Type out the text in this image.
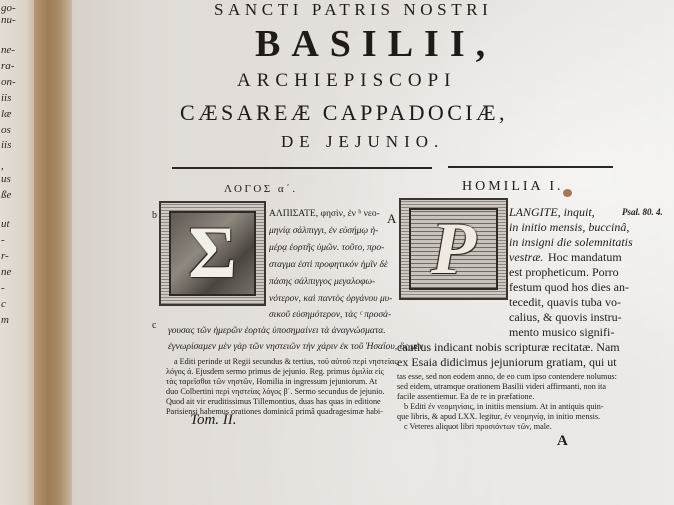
go-
nu-
ne-
ra-
on-
iis
læ
os
iis
,
us
ße
ut
-
r-
ne
-
c
m
SANCTI PATRIS NOSTRI
BASILII,
ARCHIEPISCOPI
CÆSAREÆ CAPPADOCIÆ,
DE JEJUNIO.
ΛΟΓΟΣ α΄.
Σ
b
c
ΑΛΠΙΣΑΤΕ, φησὶν, ἐν ᵇ νεο-
μηνίᾳ σάλπιγγι, ἐν εὐσήμῳ ἡ-
μέρᾳ ἑορτῆς ὑμῶν. τοῦτο, προ-
σταγμα ἐστὶ προφητικόν ἡμῖν δὲ
πάσης σάλπιγγος μεγαλοφω-
νότερον, καὶ παντὸς ὀργάνου μυ-
σικοῦ εὐσημότερον, τὰς ᶜ προσά-
γουσας τῶν ἡμερῶν ἑορτὰς ὑποσημαίνει τὰ ἀναγνώσματα.
ἐγνωρίσαμεν μὲν γὰρ τῶν νηστειῶν τὴν χάριν ἐκ τοῦ Ἡσαΐου, ὃς μὲν
a Editi perinde ut Regii secundus & tertius, τοῦ αὐτοῦ περὶ νηστείας
λόγος ά. Ejusdem sermo primus de jejunio. Reg. primus ὁμιλία εἰς
τὰς ταρεῖσθαι τῶν νηστῶν, Homilia in ingressum jejuniorum. At
duo Colbertini περὶ νηστείας λόγος β΄. Sermo secundus de jejunio.
Quod ait vir eruditissimus Tillemontius, duas has quas in editione
Parisiensi habemus orationes dominicâ primâ quadragesimæ habi-
Tom. II.
HOMILIA I.
A P	LANGITE, inquit,
in initio mensis, buccinâ,
in insigni die solemnitatis
vestræ. Hoc mandatum
est propheticum. Porro
festum quod hos dies an-
tecedit, quavis tuba vo-
calius, & quovis instru-
mento musico signifi-
cantius indicant nobis scripturæ recitatæ. Nam
ex Esaia didicimus jejuniorum gratiam, qui ut
Psal. 80. 4.
tas esse, sed non eodem anno, de eo cum ipso contendere nolumus:
sed eidem, utramque orationem Basilii videri affirmanti, non ita
facile assentiemur. Ea de re in præfatione.
b Editi ἐν νεομηνίαις, in initiis mensium. At in antiquis quin-
que libris, & apud LXX. legitur, ἐν νεομηνίᾳ, in initio mensis.
c Veteres aliquot libri προσιόντων τῶν, male.
A
